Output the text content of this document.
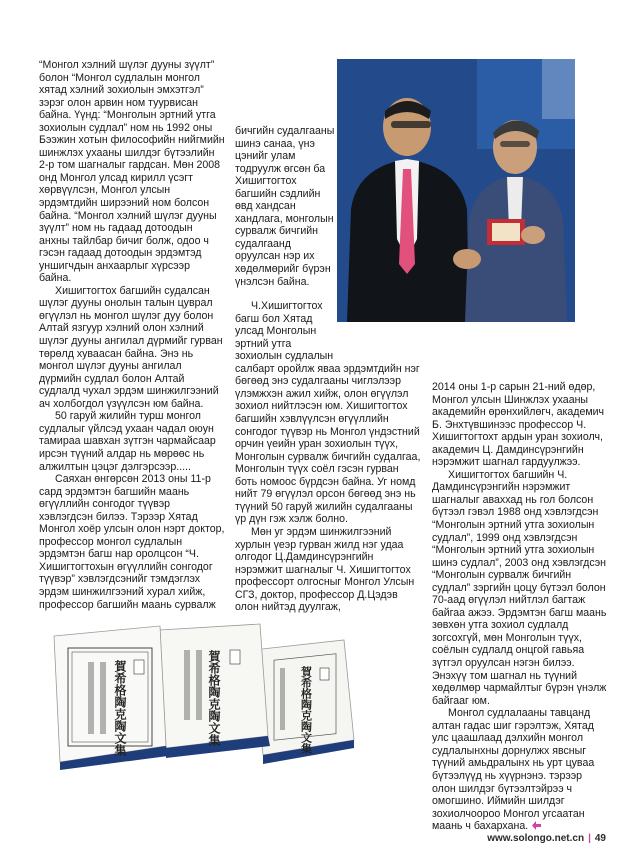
“Монгол хэлний шүлэг дууны зүүлт” болон “Монгол судлалын монгол хятад хэлний зохиолын эмхэтгэл” зэрэг олон арвин ном туурвисан байна. Үүнд: “Монголын эртний утга зохиолын судлал” ном нь 1992 оны Бээжин хотын философийн нийгмийн шинжлэх ухааны шилдэг бүтээлийн 2-р том шагналыг гардсан. Мөн 2008 онд Монгол улсад кирилл үсэгт хөрвүүлсэн, Монгол улсын эрдэмтдийн ширээний ном болсон байна. “Монгол хэлний шүлэг дууны зүүлт” ном нь гадаад дотоодын анхны тайлбар бичиг болж, одоо ч гэсэн гадаад дотоодын эрдэмтэд уншигчдын анхаарлыг хүрсээр байна.

Хишигтогтох багшийн судалсан шүлэг дууны онолын талын цуврал өгүүлэл нь монгол шүлэг дуу болон Алтай язгуур хэлний олон хэлний шүлэг дууны ангилал дүрмийг гурван төрөлд хуваасан байна. Энэ нь монгол шүлэг дууны ангилал дүрмийн судлал болон Алтай судлалд чухал эрдэм шинжилгээний ач холбогдол үзүүлсэн юм байна.

50 гаруй жилийн турш монгол судлалыг үйлсэд ухаан чадал оюун тамираа шавхан зүтгэн чармайсаар ирсэн түүний алдар нь мөрөөс нь алжилтын цэцэг дэлгэрсээр.....

Саяхан өнгөрсөн 2013 оны 11-р сард эрдэмтэн багшийн маань өгүүллийн сонгодог түүвэр хэвлэгдсэн билээ. Тэрээр Хятад Монгол хоёр улсын олон нэрт доктор, профессор монгол судлалын эрдэмтэн багш нар оролцсон “Ч. Хишигтогтохын өгүүллийн сонгодог түүвэр” хэвлэгдсэнийг тэмдэглэх эрдэм шинжилгээний хурал хийж, профессор багшийн маань сурвалж

бичгийн судалгааны шинэ санаа, үнэ цэнийг улам тодруулж өгсөн ба Хишигтогтох багшийн сэдлийн өвд хандсан хандлага, монголын сурвалж бичгийн судалгаанд оруулсан нэр их хөдөлмөрийг бүрэн үнэлсэн байна.

Ч.Хишигтогтох багш бол Хятад улсад Монголын эртний утга зохиолын судлалын

салбарт оройлж яваа эрдэмтдийн нэг бөгөөд энэ судалгааны чиглэлээр үлэмжхэн ажил хийж, олон өгүүлэл зохиол нийтлэсэн юм. Хишигтогтох багшийн хэвлүүлсэн өгүүллийн сонгодог түүвэр нь Монгол үндэстний орчин үеийн уран зохиолын түүх, Монголын сурвалж бичгийн судалгаа, Монголын түүх соёл гэсэн гурван боть номоос бүрдсэн байна. Уг номд нийт 79 өгүүлэл орсон бөгөөд энэ нь түүний 50 гаруй жилийн судалгааны үр дүн гэж хэлж болно.

Мөн уг эрдэм шинжилгээний хурлын үеэр гурван жилд нэг удаа олгодог Ц.Дамдинсүрэнгийн нэрэмжит шагналыг Ч. Хишигтогтох профессорт олгосныг Монгол Улсын СГЗ, доктор, профессор Д.Цэдэв олон нийтэд дуулгаж,

2014 оны 1-р сарын 21-ний өдөр, Монгол улсын Шинжлэх ухааны академийн өрөнхийлөгч, академич Б. Энхтүвшинээс профессор Ч. Хишигтогтохт ардын уран зохиолч, академич Ц. Дамдинсүрэнгийн нэрэмжит шагнал гардуулжээ.

Хишигтогтох багшийн Ч. Дамдинсүрэнгийн нэрэмжит шагналыг аваххад нь гол болсон бүтээл гэвэл 1988 онд хэвлэгдсэн “Монголын эртний утга зохиолын судлал”, 1999 онд хэвлэгдсэн “Монголын эртний утга зохиолын шинэ судлал”, 2003 онд хэвлэгдсэн “Монголын сурвалж бичгийн судлал” зэргийн цоцу бүтээл болон 70-аад өгүүлэл нийтлэл багтаж байгаа ажээ. Эрдэмтэн багш маань зөвхөн утга зохиол судлалд зогсохгүй, мөн Монголын түүх, соёлын судлалд онцгой гавьяа зүтгэл оруулсан нэгэн билээ. Энэхүү том шагнал нь түүний хөдөлмөр чармайлтыг бүрэн үнэлж байгааг юм.

Монгол судлалааны тавцанд алтан гадас шиг гэрэлтэж, Хятад улс цаашлаад дэлхийн монгол судлалынхны дорнулжх явсныг түүний амьдралынх нь урт цуваа бүтээлүүд нь хүүрнэнэ. тэрээр олон шилдэг бүтээлтэйрээ ч омогшино. Иймийн шилдэг зохиолчоороо Монгол угсаатан маань ч бахархана.

賀希格陶克陶文集	賀希格陶克陶文集	賀希格陶克陶文集
www.solongo.net.cn | 49
